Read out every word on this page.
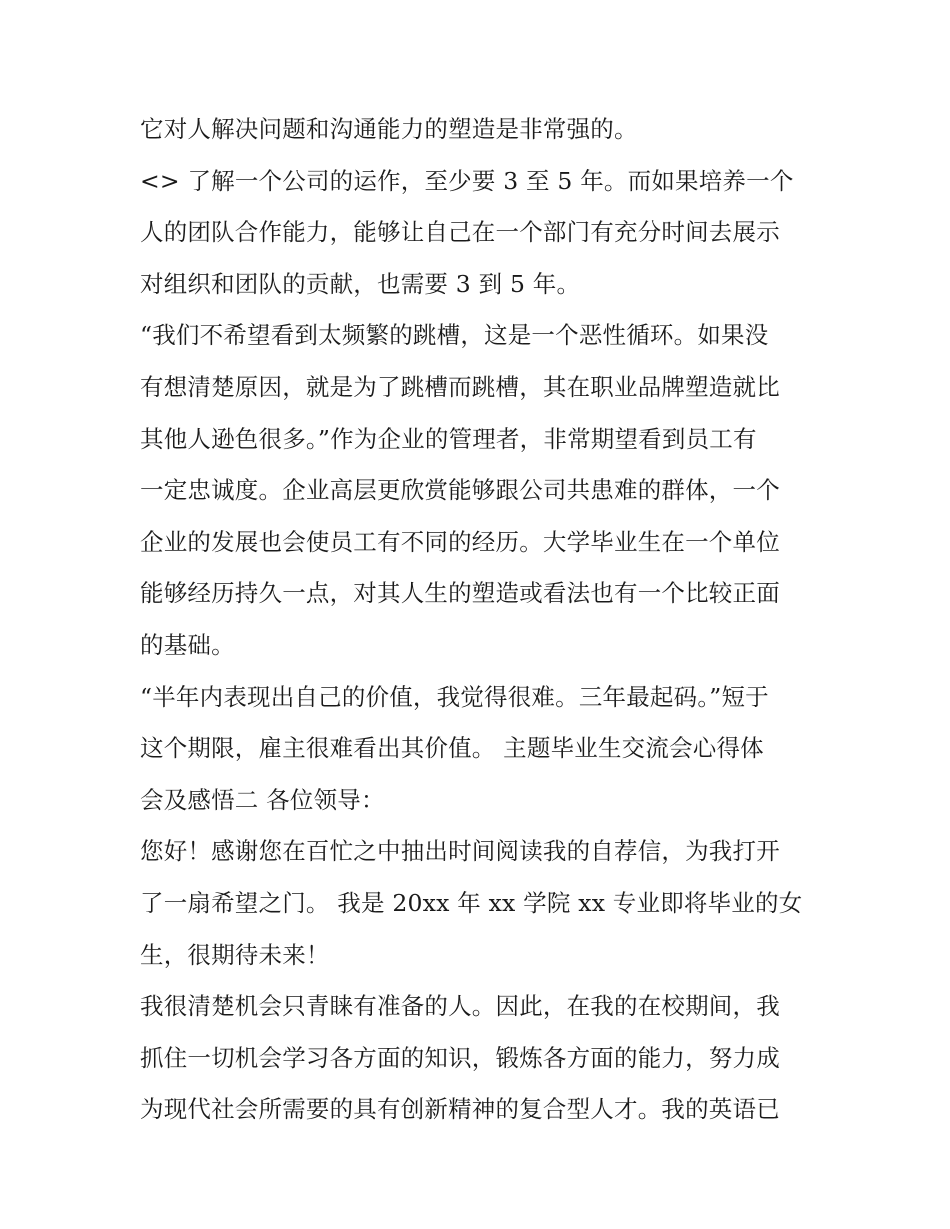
它对人解决问题和沟通能力的塑造是非常强的。
<> 了解一个公司的运作，至少要 3 至 5 年。而如果培养一个
人的团队合作能力，能够让自己在一个部门有充分时间去展示
对组织和团队的贡献，也需要 3 到 5 年。
“我们不希望看到太频繁的跳槽，这是一个恶性循环。如果没
有想清楚原因，就是为了跳槽而跳槽，其在职业品牌塑造就比
其他人逊色很多。”作为企业的管理者，非常期望看到员工有
一定忠诚度。企业高层更欣赏能够跟公司共患难的群体，一个
企业的发展也会使员工有不同的经历。大学毕业生在一个单位
能够经历持久一点，对其人生的塑造或看法也有一个比较正面
的基础。
“半年内表现出自己的价值，我觉得很难。三年最起码。”短于
这个期限，雇主很难看出其价值。 主题毕业生交流会心得体
会及感悟二 各位领导：
您好！感谢您在百忙之中抽出时间阅读我的自荐信，为我打开
了一扇希望之门。 我是 20xx 年 xx 学院 xx 专业即将毕业的女
生，很期待未来！
我很清楚机会只青睐有准备的人。因此，在我的在校期间，我
抓住一切机会学习各方面的知识，锻炼各方面的能力，努力成
为现代社会所需要的具有创新精神的复合型人才。我的英语已
